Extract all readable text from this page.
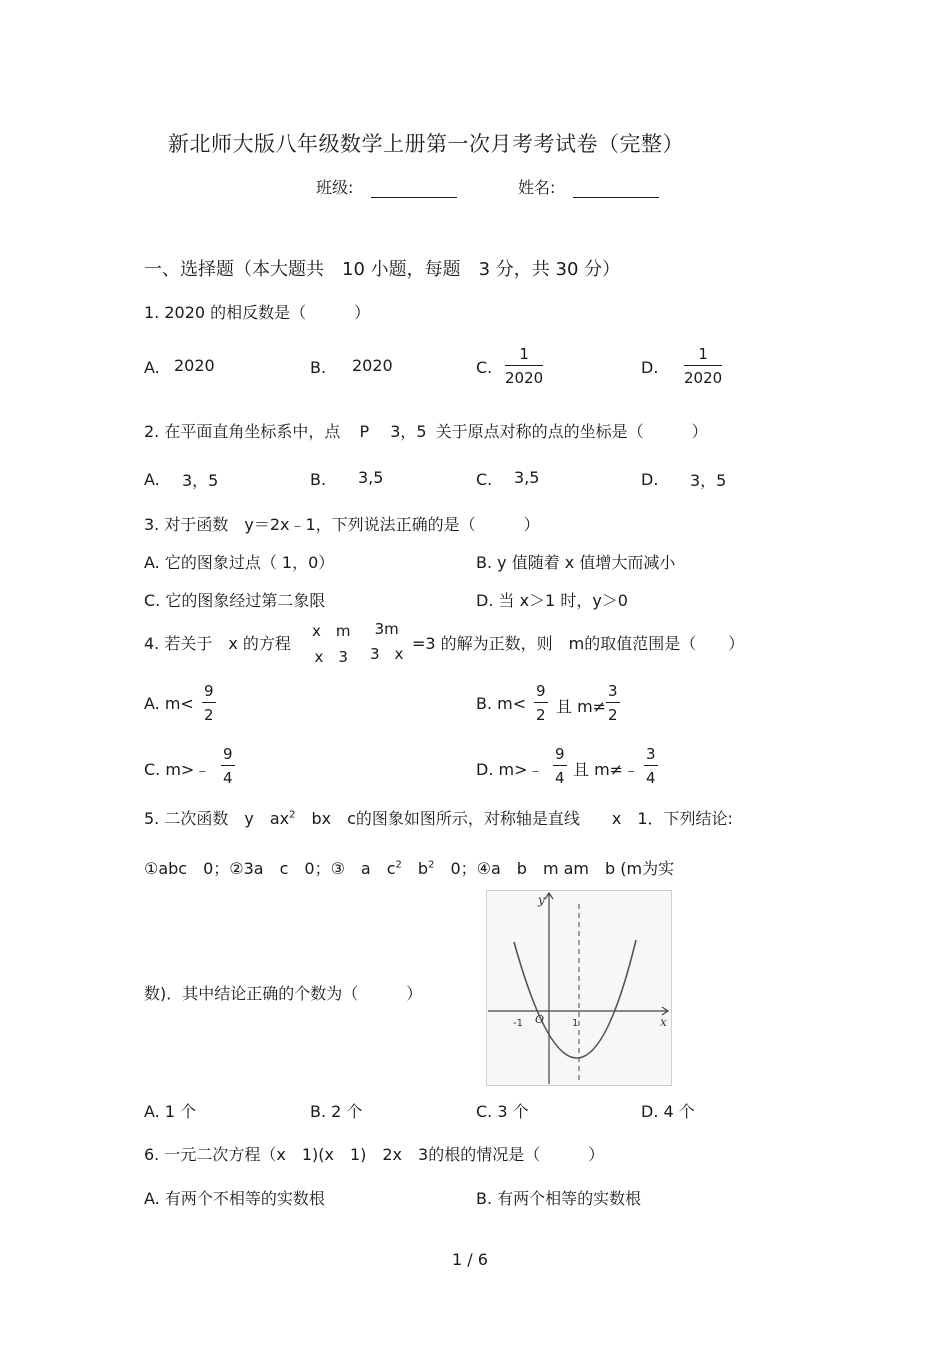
新北师大版八年级数学上册第一次月考考试卷（完整）
班级:	姓名:
一、选择题（本大题共　10 小题，每题　3 分，共 30 分）
1. 2020 的相反数是（　　　）
A. 2020	B. 2020	C. $\frac{1}{2020}$	D. $\frac{1}{2020}$
2. 在平面直角坐标系中，点 P 3，5 关于原点对称的点的坐标是（　　　）
A. 3，5	B. 3,5	C. 3,5	D. 3，5
3. 对于函数　y＝2x﹣1，下列说法正确的是（　　　）
A. 它的图象过点（ 1，0）	B. y 值随着 x 值增大而减小
C. 它的图象经过第二象限	D. 当 x＞1 时，y＞0
4. 若关于　x 的方程
x　m
x　3
3m
3　x
=3 的解为正数，则　m的取值范围是（　　）
A. $m< \frac{9}{2}$	B. $m< \frac{9}{2}$ 且 $m\ne \frac{3}{2}$
C. m>﹣ $\frac{9}{4}$	D. m>﹣ $\frac{9}{4}$ 且 m≠﹣ $\frac{3}{4}$
5. 二次函数　y　$ax^2$　bx　c的图象如图所示，对称轴是直线　　x　1．下列结论:
①abc　0；②3a　c　0；③　a　$c^2$　$b^2$　0；④a　b　m am　b (m为实
数)．其中结论正确的个数为（　　　）
y
x
O
-1	1
A. 1 个	B. 2 个	C. 3 个	D. 4 个
6. 一元二次方程（x　1)(x　1)　2x　3的根的情况是（　　　）
A. 有两个不相等的实数根	B. 有两个相等的实数根
1 / 6
